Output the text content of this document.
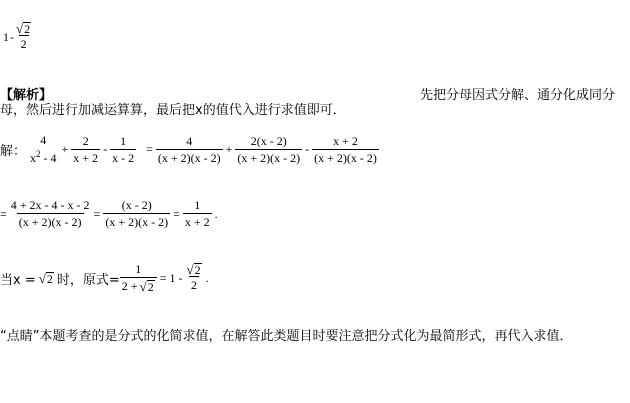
$1 - \frac{√ 2}{2}$
【解析】	先把分母因式分解、通分化成同分
母，然后进行加减运算算，最后把x的值代入进行求值即可．
解：
4
$x^2 - 4$
+ $\frac{2}{x + 2} - \frac{1}{x - 2} = \frac{4}{(x + 2)(x - 2)} + \frac{2(x - 2)}{(x + 2)(x - 2)} - \frac{x + 2}{(x + 2)(x - 2)}$
= $\frac{4 + 2x - 4 - x - 2}{(x + 2)(x - 2)} = \frac{(x - 2)}{(x + 2)(x - 2)} = \frac{1}{x + 2}$ .
当x = √ 2 时，原式= $\frac{1}{2 + √ 2} = 1 - \frac{√ 2}{2}$ .
“点睛”本题考查的是分式的化简求值，在解答此类题目时要注意把分式化为最简形式，再代入求值．
